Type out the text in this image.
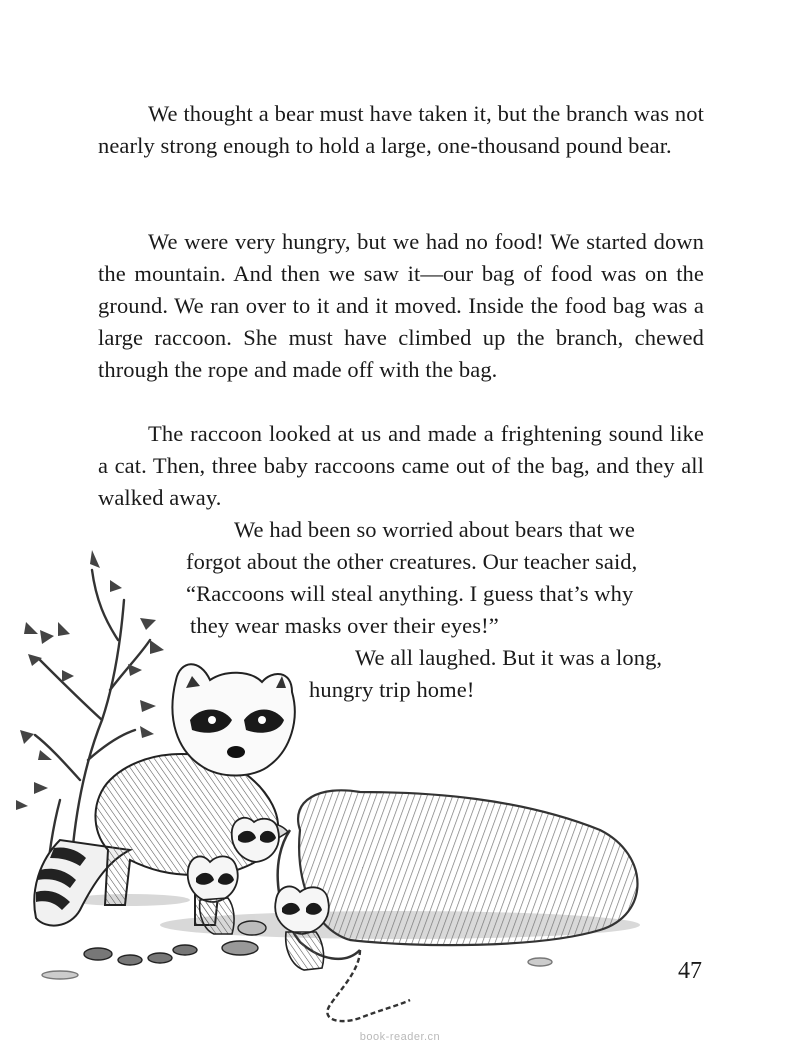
We thought a bear must have taken it, but the branch was not nearly strong enough to hold a large, one-thousand pound bear.

We were very hungry, but we had no food! We started down the mountain. And then we saw it—our bag of food was on the ground. We ran over to it and it moved. Inside the food bag was a large raccoon. She must have climbed up the branch, chewed through the rope and made off with the bag.

The raccoon looked at us and made a frightening sound like a cat. Then, three baby raccoons came out of the bag, and they all walked away.

We had been so worried about bears that we
forgot about the other creatures. Our teacher said,
“Raccoons will steal anything. I guess that’s why
they wear masks over their eyes!”
We all laughed. But it was a long,
hungry trip home!
47
book-reader.cn
